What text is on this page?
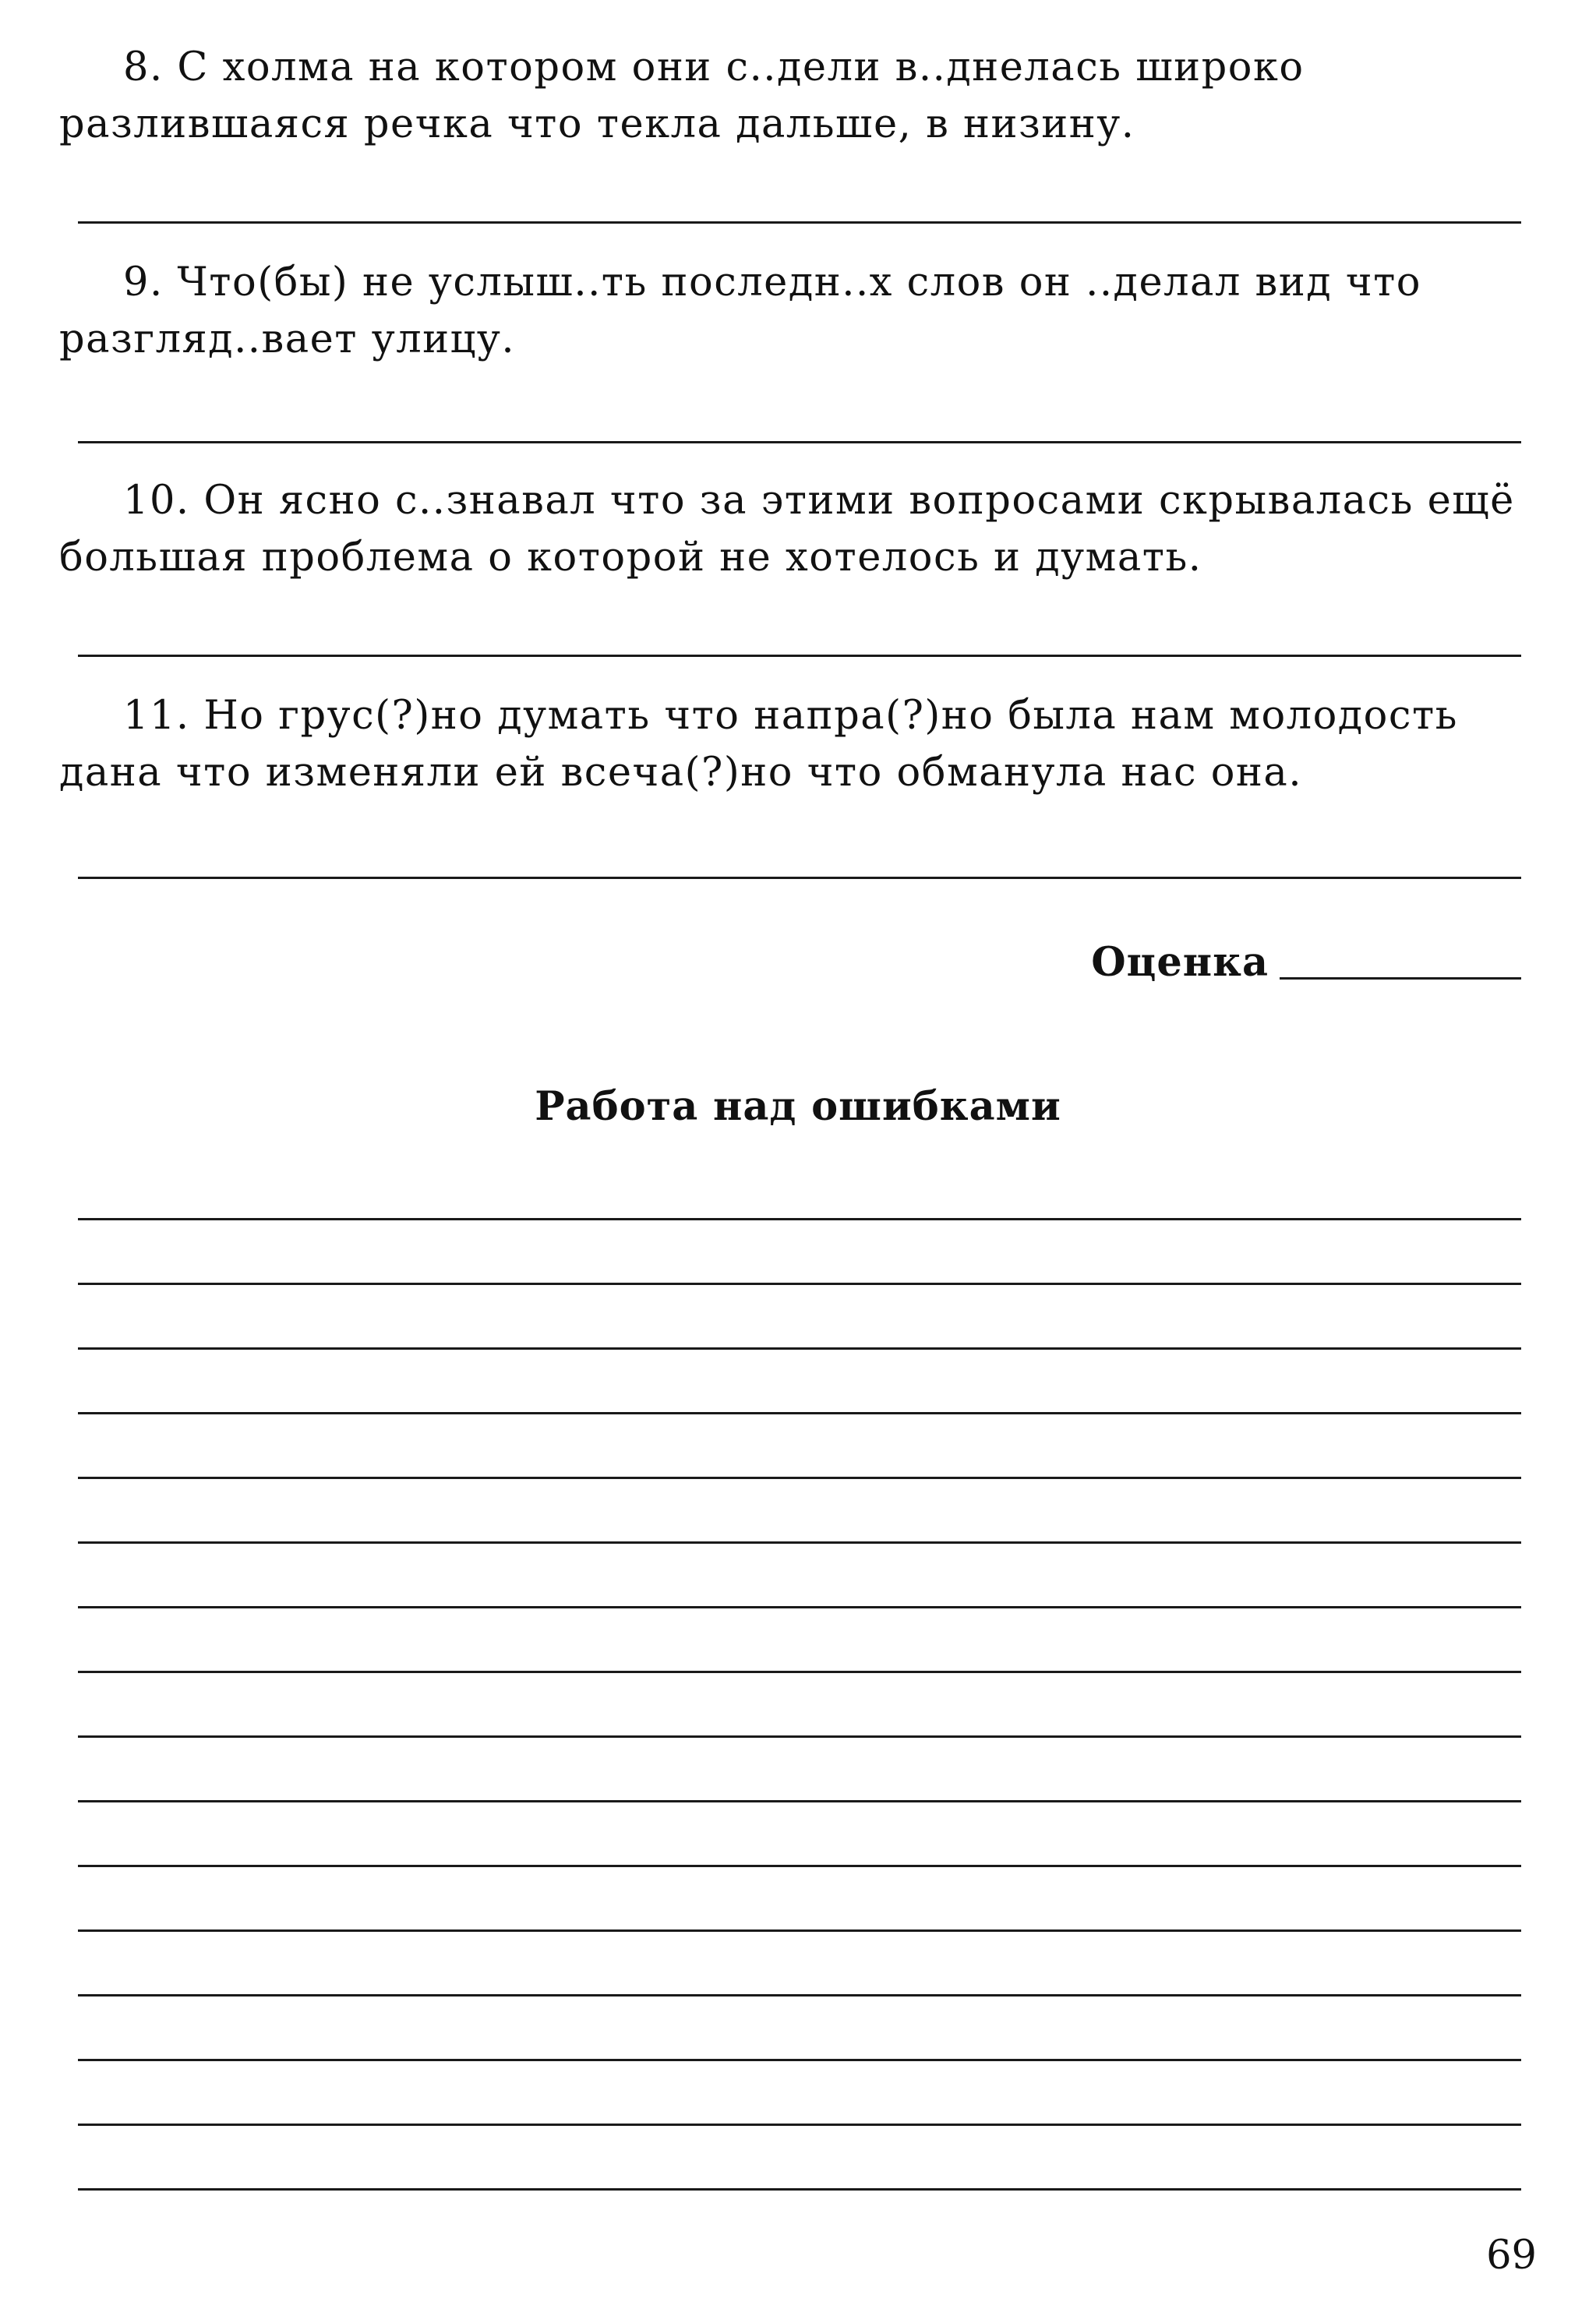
8. С холма на котором они с..дели в..днелась широко разлившаяся речка что текла дальше, в низину.

9. Что(бы) не услыш..ть последн..х слов он ..делал вид что разгляд..вает улицу.

10. Он ясно с..знавал что за этими вопросами скрывалась ещё большая проблема о которой не хотелось и думать.

11. Но грус(?)но думать что напра(?)но была нам молодость дана что изменяли ей всеча(?)но что обманула нас она.

Оценка

Работа над ошибками

69
